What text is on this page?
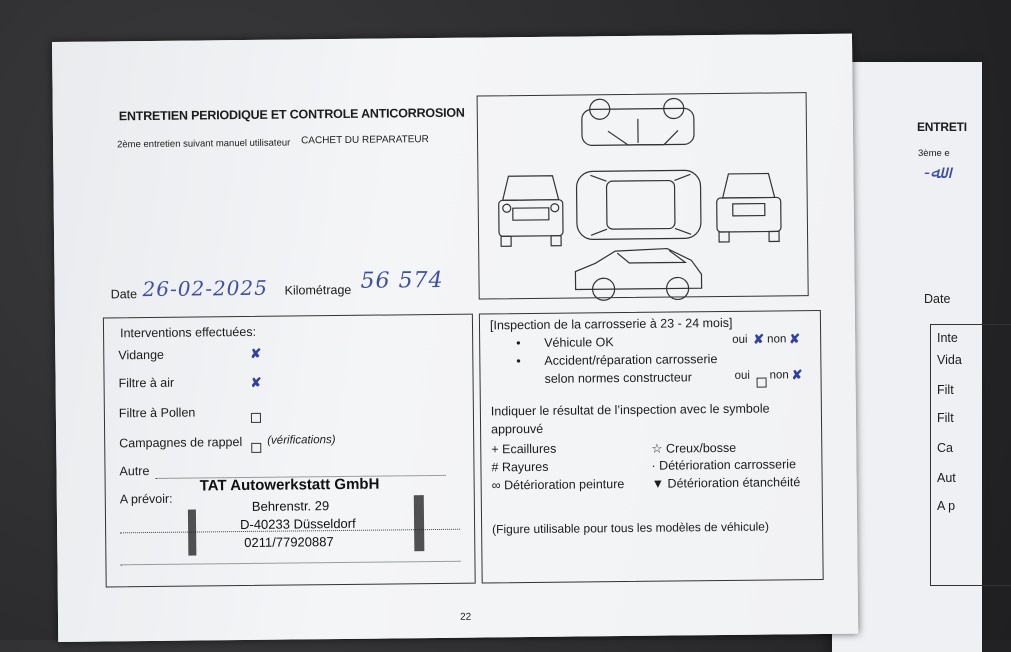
ENTRETI
3ème e
-ﷲ
Date
Inte
Vida
Filt
Filt
Ca
Aut
A p
ENTRETIEN PERIODIQUE ET CONTROLE ANTICORROSION
2ème entretien suivant manuel utilisateur CACHET DU REPARATEUR
Date 26-02-2025 Kilométrage 56 574
Interventions effectuées:
Vidange	✘
Filtre à air	✘
Filtre à Pollen
Campagnes de rappel (vérifications)
Autre
A prévoir:
TAT Autowerkstatt GmbH
Behrenstr. 29
D-40233 Düsseldorf
0211/77920887
[Inspection de la carrosserie à 23 - 24 mois]
• Véhicule OK	oui ✘ non ✘
• Accident/réparation carrosserie
selon normes constructeur	oui non ✘
Indiquer le résultat de l’inspection avec le symbole
approuvé
+ Ecaillures	☆ Creux/bosse
# Rayures	· Détérioration carrosserie
∞ Détérioration peinture ▼ Détérioration étanchéité
(Figure utilisable pour tous les modèles de véhicule)
22
